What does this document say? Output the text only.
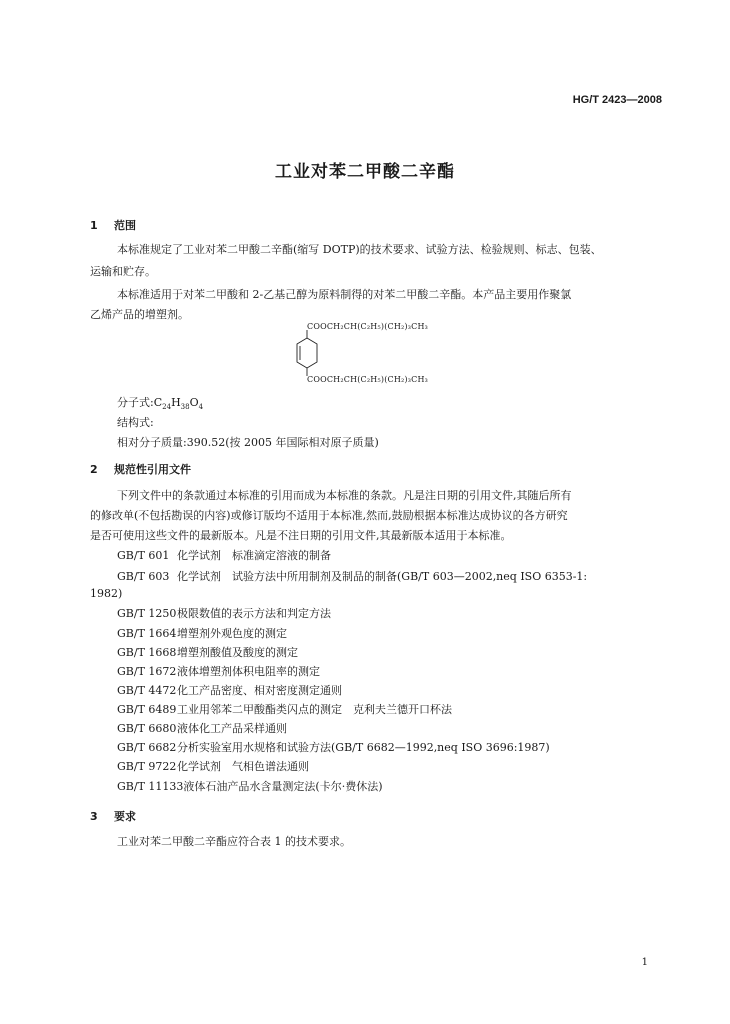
HG/T 2423—2008
工业对苯二甲酸二辛酯
1 范围
本标准规定了工业对苯二甲酸二辛酯(缩写 DOTP)的技术要求、试验方法、检验规则、标志、包装、
运输和贮存。
本标准适用于对苯二甲酸和 2-乙基己醇为原料制得的对苯二甲酸二辛酯。本产品主要用作聚氯
乙烯产品的增塑剂。
COOCH₂CH(C₂H₅)(CH₂)₃CH₃
COOCH₂CH(C₂H₅)(CH₂)₃CH₃
分子式$:C_{24}H_{38}O_4$
结构式:
相对分子质量:390.52(按 2005 年国际相对原子质量)
2 规范性引用文件
下列文件中的条款通过本标准的引用而成为本标准的条款。凡是注日期的引用文件,其随后所有
的修改单(不包括勘误的内容)或修订版均不适用于本标准,然而,鼓励根据本标准达成协议的各方研究
是否可使用这些文件的最新版本。凡是不注日期的引用文件,其最新版本适用于本标准。
GB/T 601 化学试剂　标准滴定溶液的制备
GB/T 603 化学试剂　试验方法中所用制剂及制品的制备(GB/T 603—2002,neq ISO 6353-1:
1982)
GB/T 1250极限数值的表示方法和判定方法
GB/T 1664增塑剂外观色度的测定
GB/T 1668增塑剂酸值及酸度的测定
GB/T 1672液体增塑剂体积电阻率的测定
GB/T 4472化工产品密度、相对密度测定通则
GB/T 6489工业用邻苯二甲酸酯类闪点的测定　克利夫兰德开口杯法
GB/T 6680液体化工产品采样通则
GB/T 6682分析实验室用水规格和试验方法(GB/T 6682—1992,neq ISO 3696:1987)
GB/T 9722化学试剂　气相色谱法通则
GB/T 11133液体石油产品水含量测定法(卡尔·费休法)
3 要求
工业对苯二甲酸二辛酯应符合表 1 的技术要求。
1
